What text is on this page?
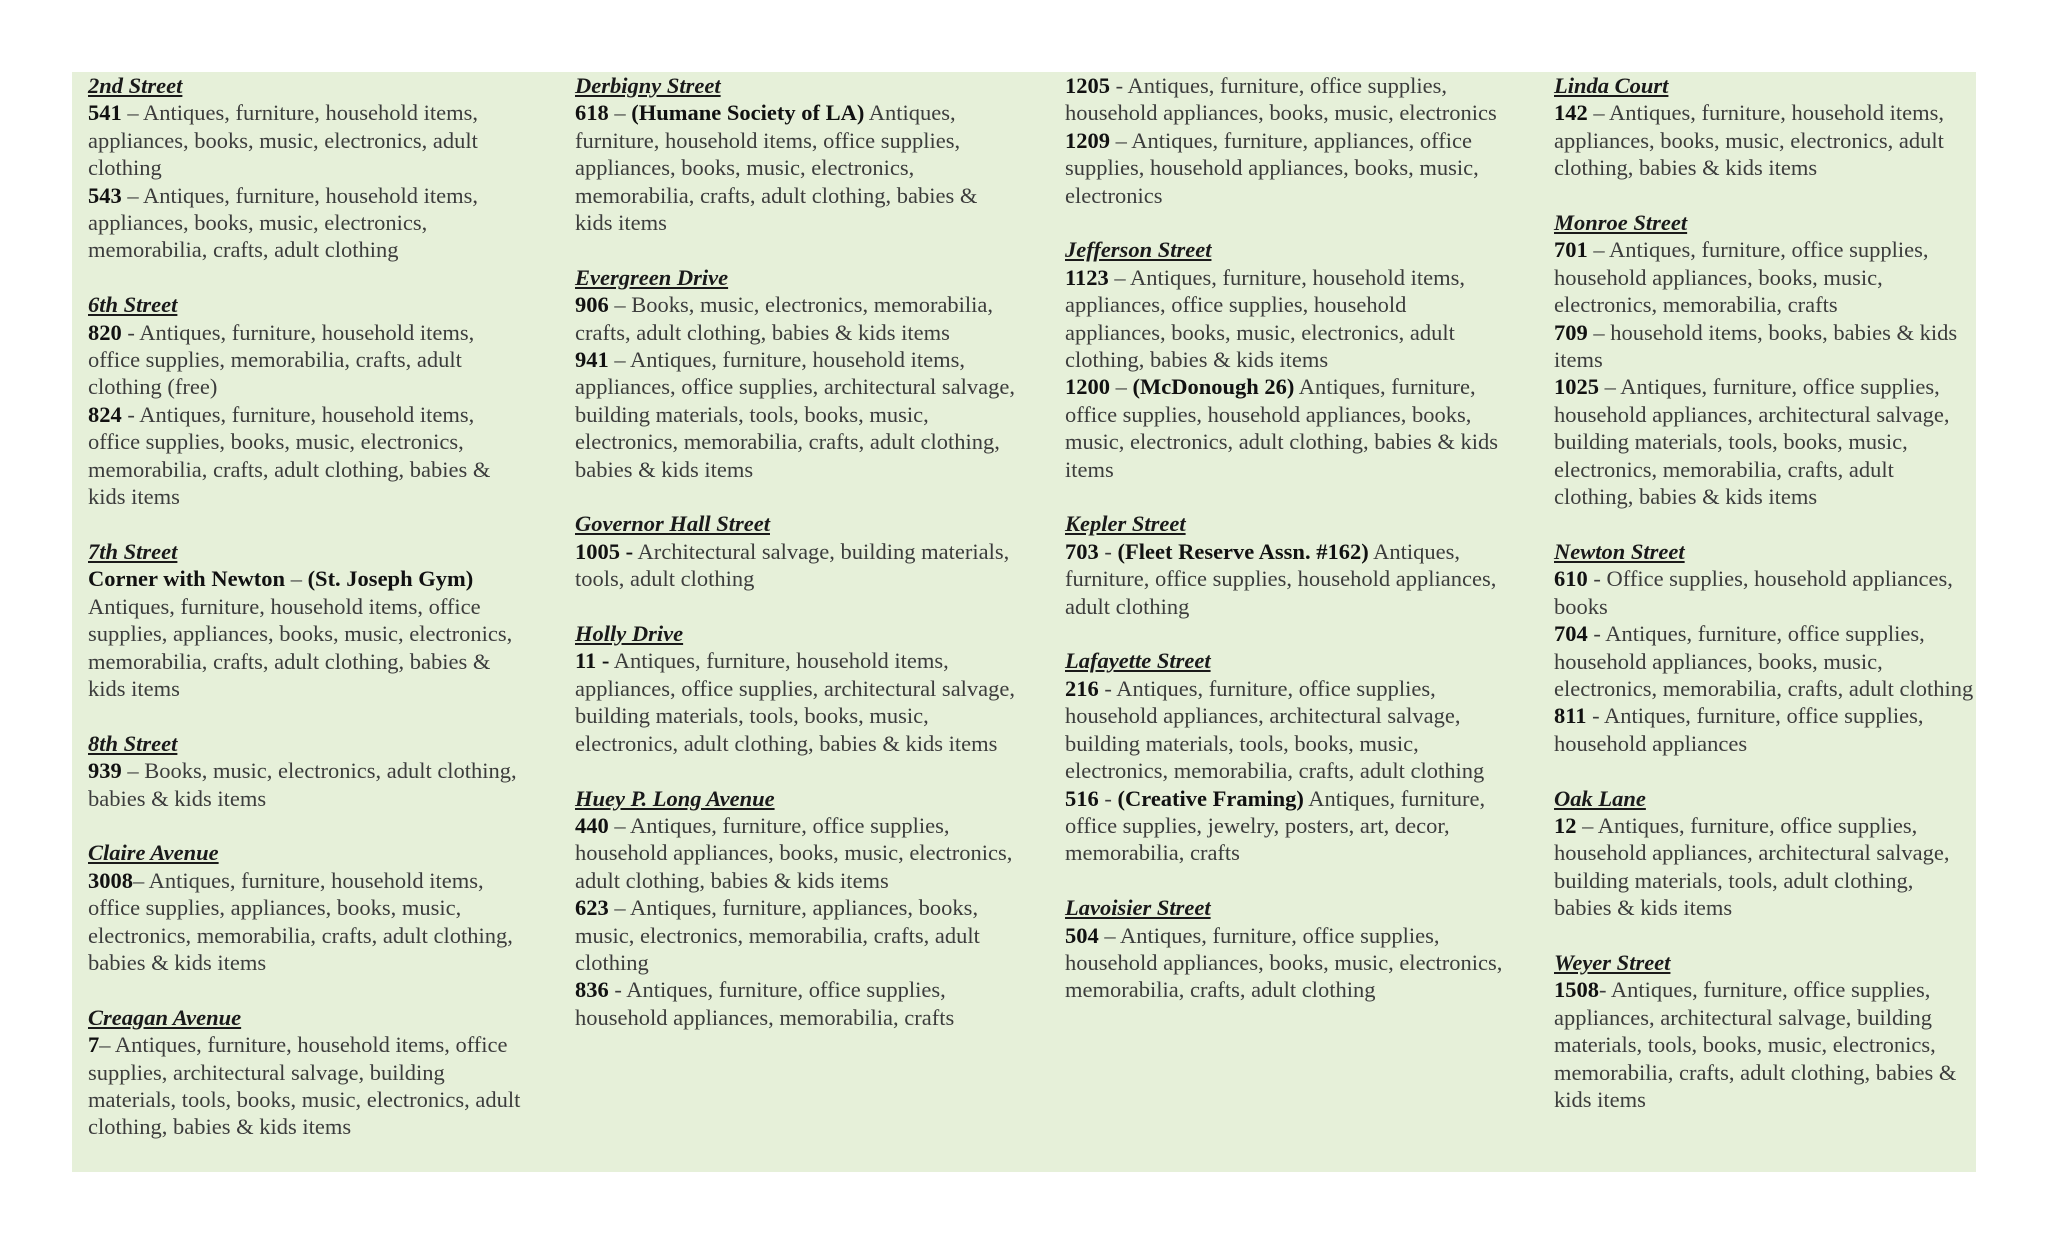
2nd Street
541 – Antiques, furniture, household items, appliances, books, music, electronics, adult clothing
543 – Antiques, furniture, household items, appliances, books, music, electronics, memorabilia, crafts, adult clothing
6th Street
820 - Antiques, furniture, household items, office supplies, memorabilia, crafts, adult clothing (free)
824 - Antiques, furniture, household items, office supplies, books, music, electronics, memorabilia, crafts, adult clothing, babies & kids items
7th Street
Corner with Newton – (St. Joseph Gym) Antiques, furniture, household items, office supplies, appliances, books, music, electronics, memorabilia, crafts, adult clothing, babies & kids items
8th Street
939 – Books, music, electronics, adult clothing, babies & kids items
Claire Avenue
3008– Antiques, furniture, household items, office supplies, appliances, books, music, electronics, memorabilia, crafts, adult clothing, babies & kids items
Creagan Avenue
7– Antiques, furniture, household items, office supplies, architectural salvage, building materials, tools, books, music, electronics, adult clothing, babies & kids items
Derbigny Street
618 – (Humane Society of LA) Antiques, furniture, household items, office supplies, appliances, books, music, electronics, memorabilia, crafts, adult clothing, babies & kids items
Evergreen Drive
906 – Books, music, electronics, memorabilia, crafts, adult clothing, babies & kids items
941 – Antiques, furniture, household items, appliances, office supplies, architectural salvage, building materials, tools, books, music, electronics, memorabilia, crafts, adult clothing, babies & kids items
Governor Hall Street
1005 - Architectural salvage, building materials, tools, adult clothing
Holly Drive
11 - Antiques, furniture, household items, appliances, office supplies, architectural salvage, building materials, tools, books, music, electronics, adult clothing, babies & kids items
Huey P. Long Avenue
440 – Antiques, furniture, office supplies, household appliances, books, music, electronics, adult clothing, babies & kids items
623 – Antiques, furniture, appliances, books, music, electronics, memorabilia, crafts, adult clothing
836 - Antiques, furniture, office supplies, household appliances, memorabilia, crafts
1205 - Antiques, furniture, office supplies, household appliances, books, music, electronics
1209 – Antiques, furniture, appliances, office supplies, household appliances, books, music, electronics
Jefferson Street
1123 – Antiques, furniture, household items, appliances, office supplies, household appliances, books, music, electronics, adult clothing, babies & kids items
1200 – (McDonough 26) Antiques, furniture, office supplies, household appliances, books, music, electronics, adult clothing, babies & kids items
Kepler Street
703 - (Fleet Reserve Assn. #162) Antiques, furniture, office supplies, household appliances, adult clothing
Lafayette Street
216 - Antiques, furniture, office supplies, household appliances, architectural salvage, building materials, tools, books, music, electronics, memorabilia, crafts, adult clothing
516 - (Creative Framing) Antiques, furniture, office supplies, jewelry, posters, art, decor, memorabilia, crafts
Lavoisier Street
504 – Antiques, furniture, office supplies, household appliances, books, music, electronics, memorabilia, crafts, adult clothing
Linda Court
142 – Antiques, furniture, household items, appliances, books, music, electronics, adult clothing, babies & kids items
Monroe Street
701 – Antiques, furniture, office supplies, household appliances, books, music, electronics, memorabilia, crafts
709 – household items, books, babies & kids items
1025 – Antiques, furniture, office supplies, household appliances, architectural salvage, building materials, tools, books, music, electronics, memorabilia, crafts, adult clothing, babies & kids items
Newton Street
610 - Office supplies, household appliances, books
704 - Antiques, furniture, office supplies, household appliances, books, music, electronics, memorabilia, crafts, adult clothing
811 - Antiques, furniture, office supplies, household appliances
Oak Lane
12 – Antiques, furniture, office supplies, household appliances, architectural salvage, building materials, tools, adult clothing, babies & kids items
Weyer Street
1508- Antiques, furniture, office supplies, appliances, architectural salvage, building materials, tools, books, music, electronics, memorabilia, crafts, adult clothing, babies & kids items
